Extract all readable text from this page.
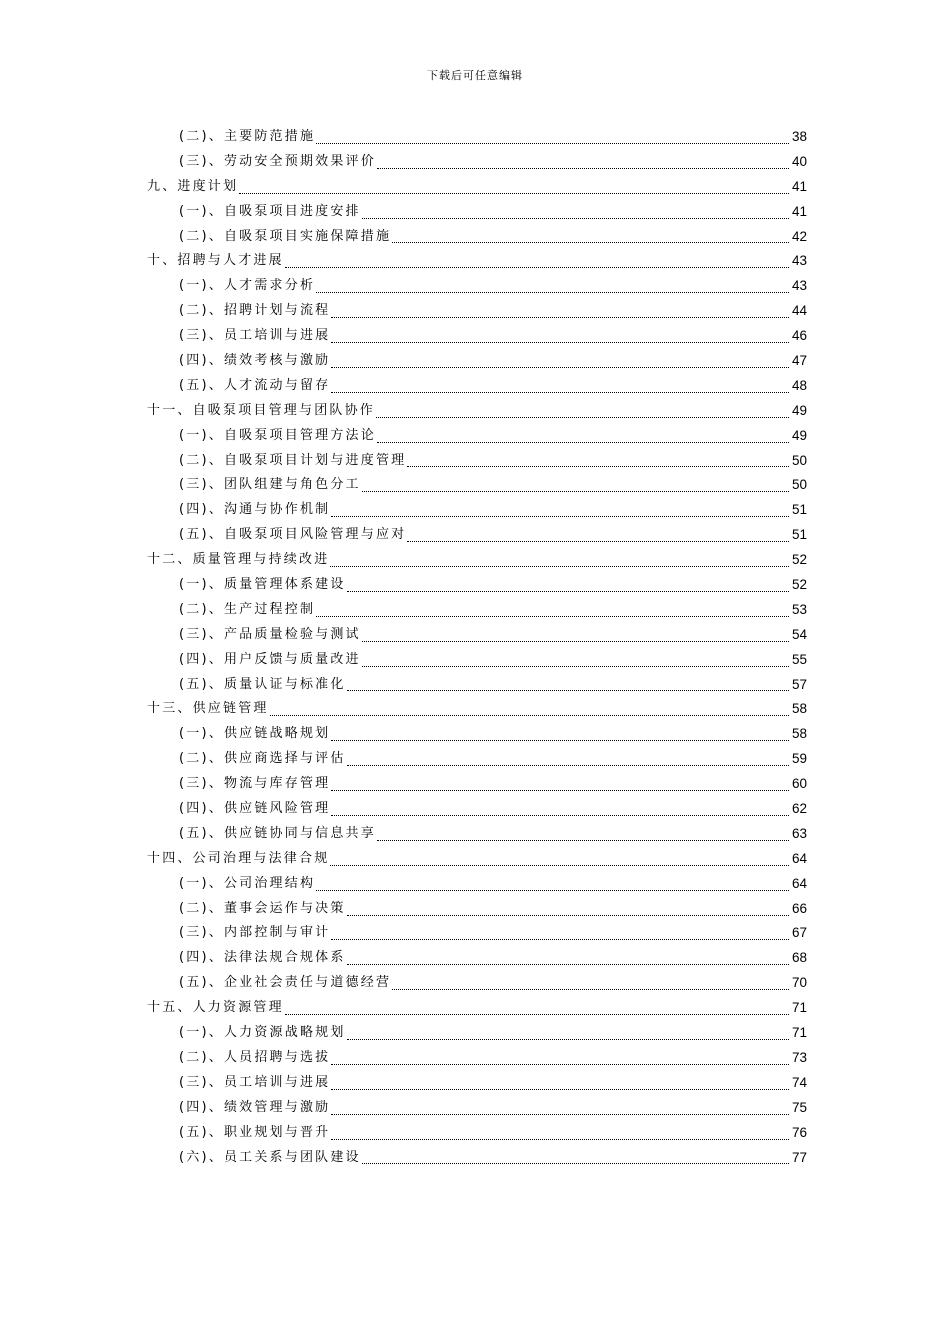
下载后可任意编辑
(二)、主要防范措施	38
(三)、劳动安全预期效果评价	40
九、进度计划	41
(一)、自吸泵项目进度安排	41
(二)、自吸泵项目实施保障措施	42
十、招聘与人才进展	43
(一)、人才需求分析	43
(二)、招聘计划与流程	44
(三)、员工培训与进展	46
(四)、绩效考核与激励	47
(五)、人才流动与留存	48
十一、自吸泵项目管理与团队协作	49
(一)、自吸泵项目管理方法论	49
(二)、自吸泵项目计划与进度管理	50
(三)、团队组建与角色分工	50
(四)、沟通与协作机制	51
(五)、自吸泵项目风险管理与应对	51
十二、质量管理与持续改进	52
(一)、质量管理体系建设	52
(二)、生产过程控制	53
(三)、产品质量检验与测试	54
(四)、用户反馈与质量改进	55
(五)、质量认证与标准化	57
十三、供应链管理	58
(一)、供应链战略规划	58
(二)、供应商选择与评估	59
(三)、物流与库存管理	60
(四)、供应链风险管理	62
(五)、供应链协同与信息共享	63
十四、公司治理与法律合规	64
(一)、公司治理结构	64
(二)、董事会运作与决策	66
(三)、内部控制与审计	67
(四)、法律法规合规体系	68
(五)、企业社会责任与道德经营	70
十五、人力资源管理	71
(一)、人力资源战略规划	71
(二)、人员招聘与选拔	73
(三)、员工培训与进展	74
(四)、绩效管理与激励	75
(五)、职业规划与晋升	76
(六)、员工关系与团队建设	77
